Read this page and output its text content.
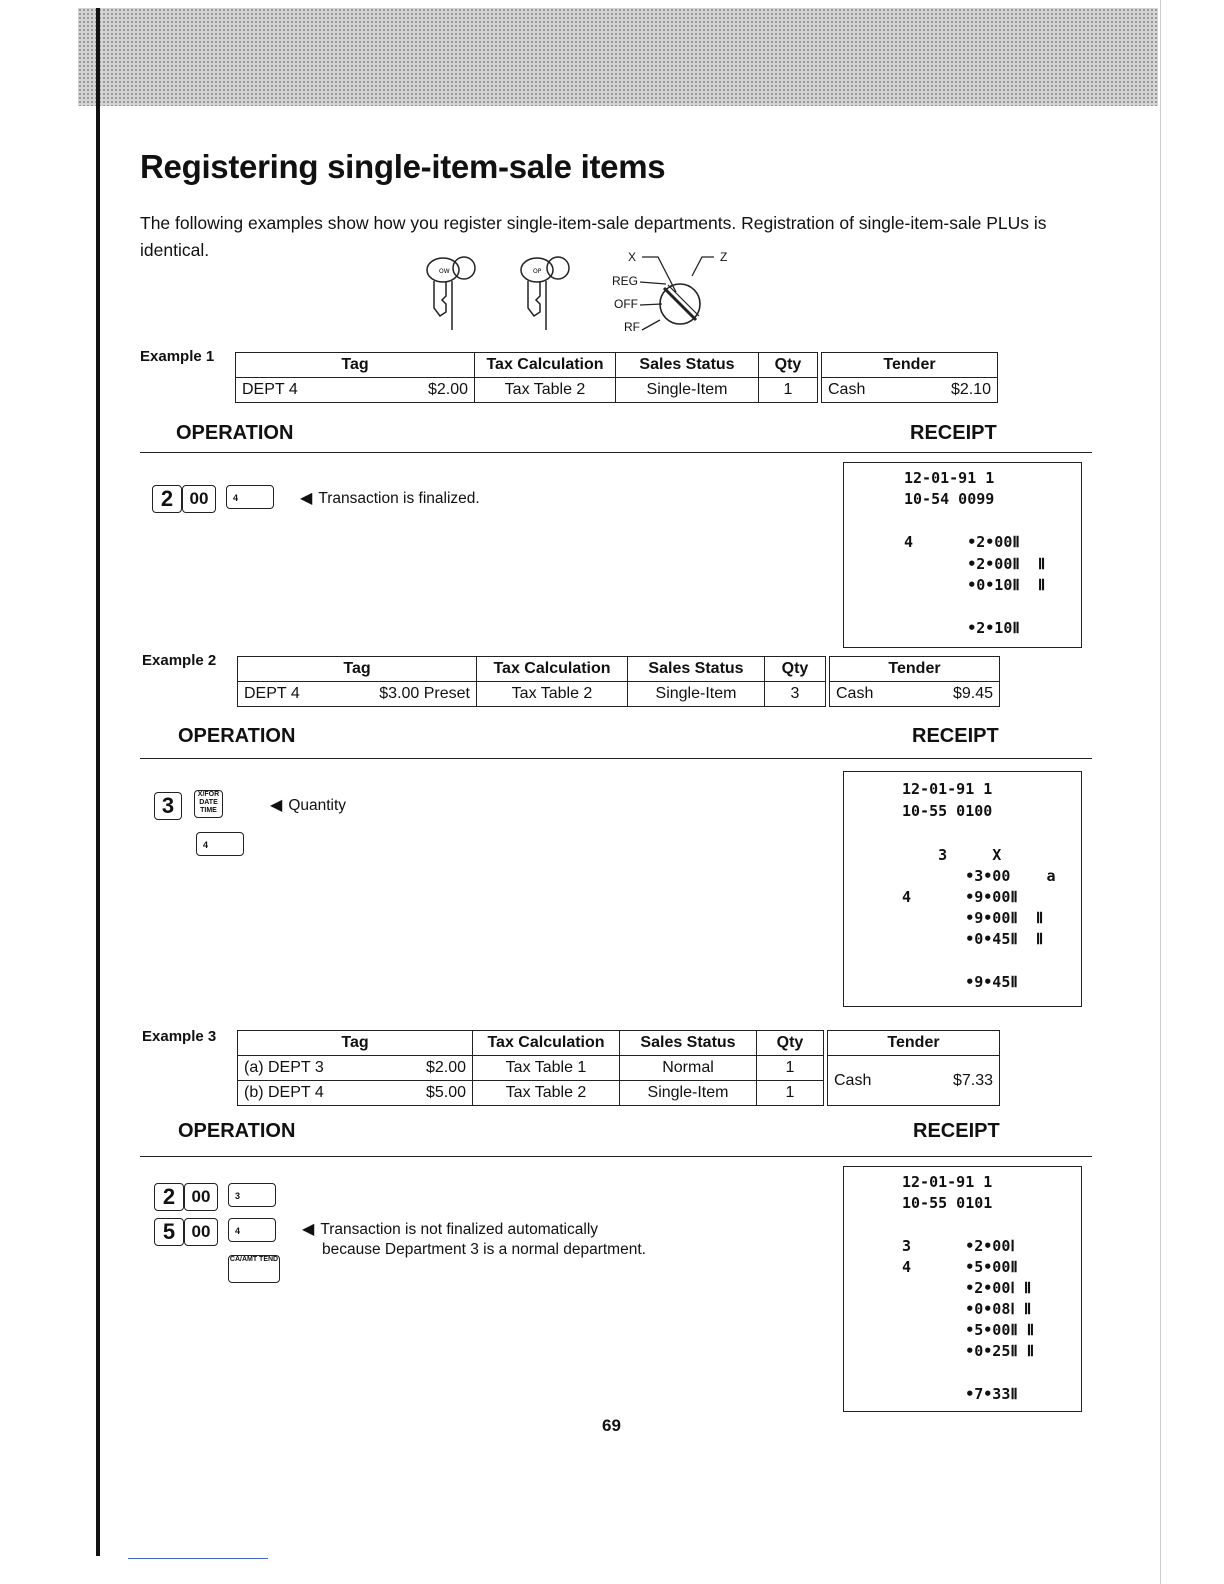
Registering single-item-sale items

The following examples show how you register single-item-sale departments. Registration of single-item-sale PLUs is identical.

OW	OP
X	Z
REG
OFF
RF
Example 1	Tag	Tax Calculation	Sales Status	Qty		Tender

DEPT 4 $2.00	Tax Table 2	Single-Item	1		Cash $2.10
OPERATION	RECEIPT
2 00	4	◀ Transaction is finalized.
12-01-91 1
10-54 0099
4      •2•00Ⅱ
•2•00Ⅱ  Ⅱ
•0•10Ⅱ  Ⅱ
•2•10Ⅱ
Example 2	Tag	Tax Calculation	Sales Status	Qty		Tender

DEPT 4 $3.00 Preset	Tax Table 2	Single-Item	3		Cash $9.45
OPERATION	RECEIPT
3	X/FOR DATE TIME	◀ Quantity
4
12-01-91 1
10-55 0100
3     X
•3•00    a
4      •9•00Ⅱ
•9•00Ⅱ  Ⅱ
•0•45Ⅱ  Ⅱ
•9•45Ⅱ
Example 3	Tag	Tax Calculation	Sales Status	Qty		Tender

(a) DEPT 3 $2.00	Tax Table 1	Normal	1		Cash $7.33

(b) DEPT 4 $5.00	Tax Table 2	Single-Item	1		
OPERATION	RECEIPT
2 00	3
5 00	4
CA/AMT TEND
◀ Transaction is not finalized automatically
because Department 3 is a normal department.
12-01-91 1
10-55 0101
3      •2•00Ⅰ
4      •5•00Ⅱ
•2•00Ⅰ Ⅱ
•0•08Ⅰ Ⅱ
•5•00Ⅱ Ⅱ
•0•25Ⅱ Ⅱ
•7•33Ⅱ
69
